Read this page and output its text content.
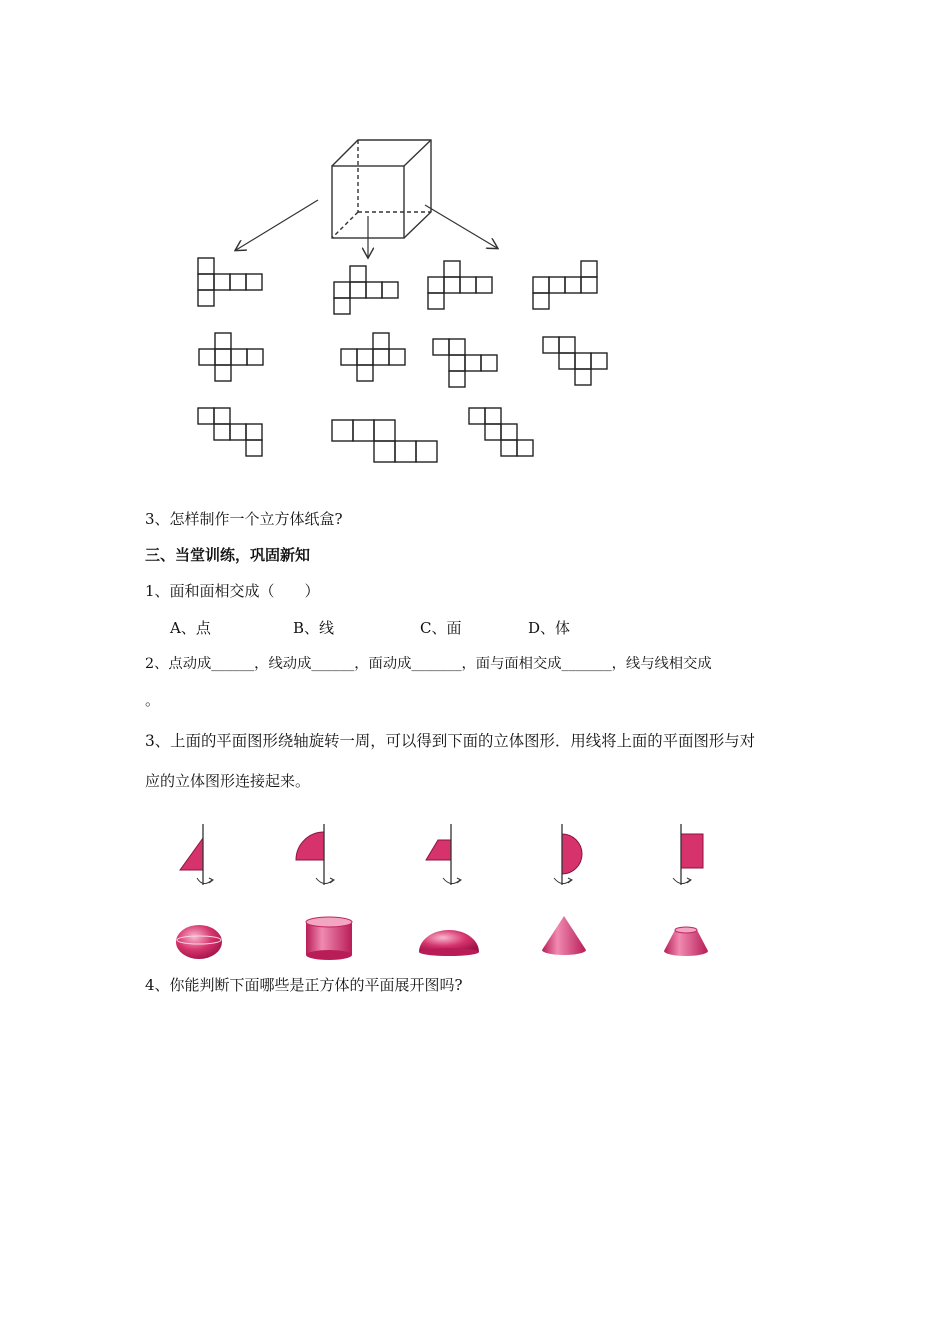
3、怎样制作一个立方体纸盒?
三、当堂训练，巩固新知
1、面和面相交成（　　）
A、点	B、线	C、面	D、体
2、点动成______，线动成______，面动成_______，面与面相交成_______，线与线相交成
。
3、上面的平面图形绕轴旋转一周，可以得到下面的立体图形．用线将上面的平面图形与对
应的立体图形连接起来。
4、你能判断下面哪些是正方体的平面展开图吗?
